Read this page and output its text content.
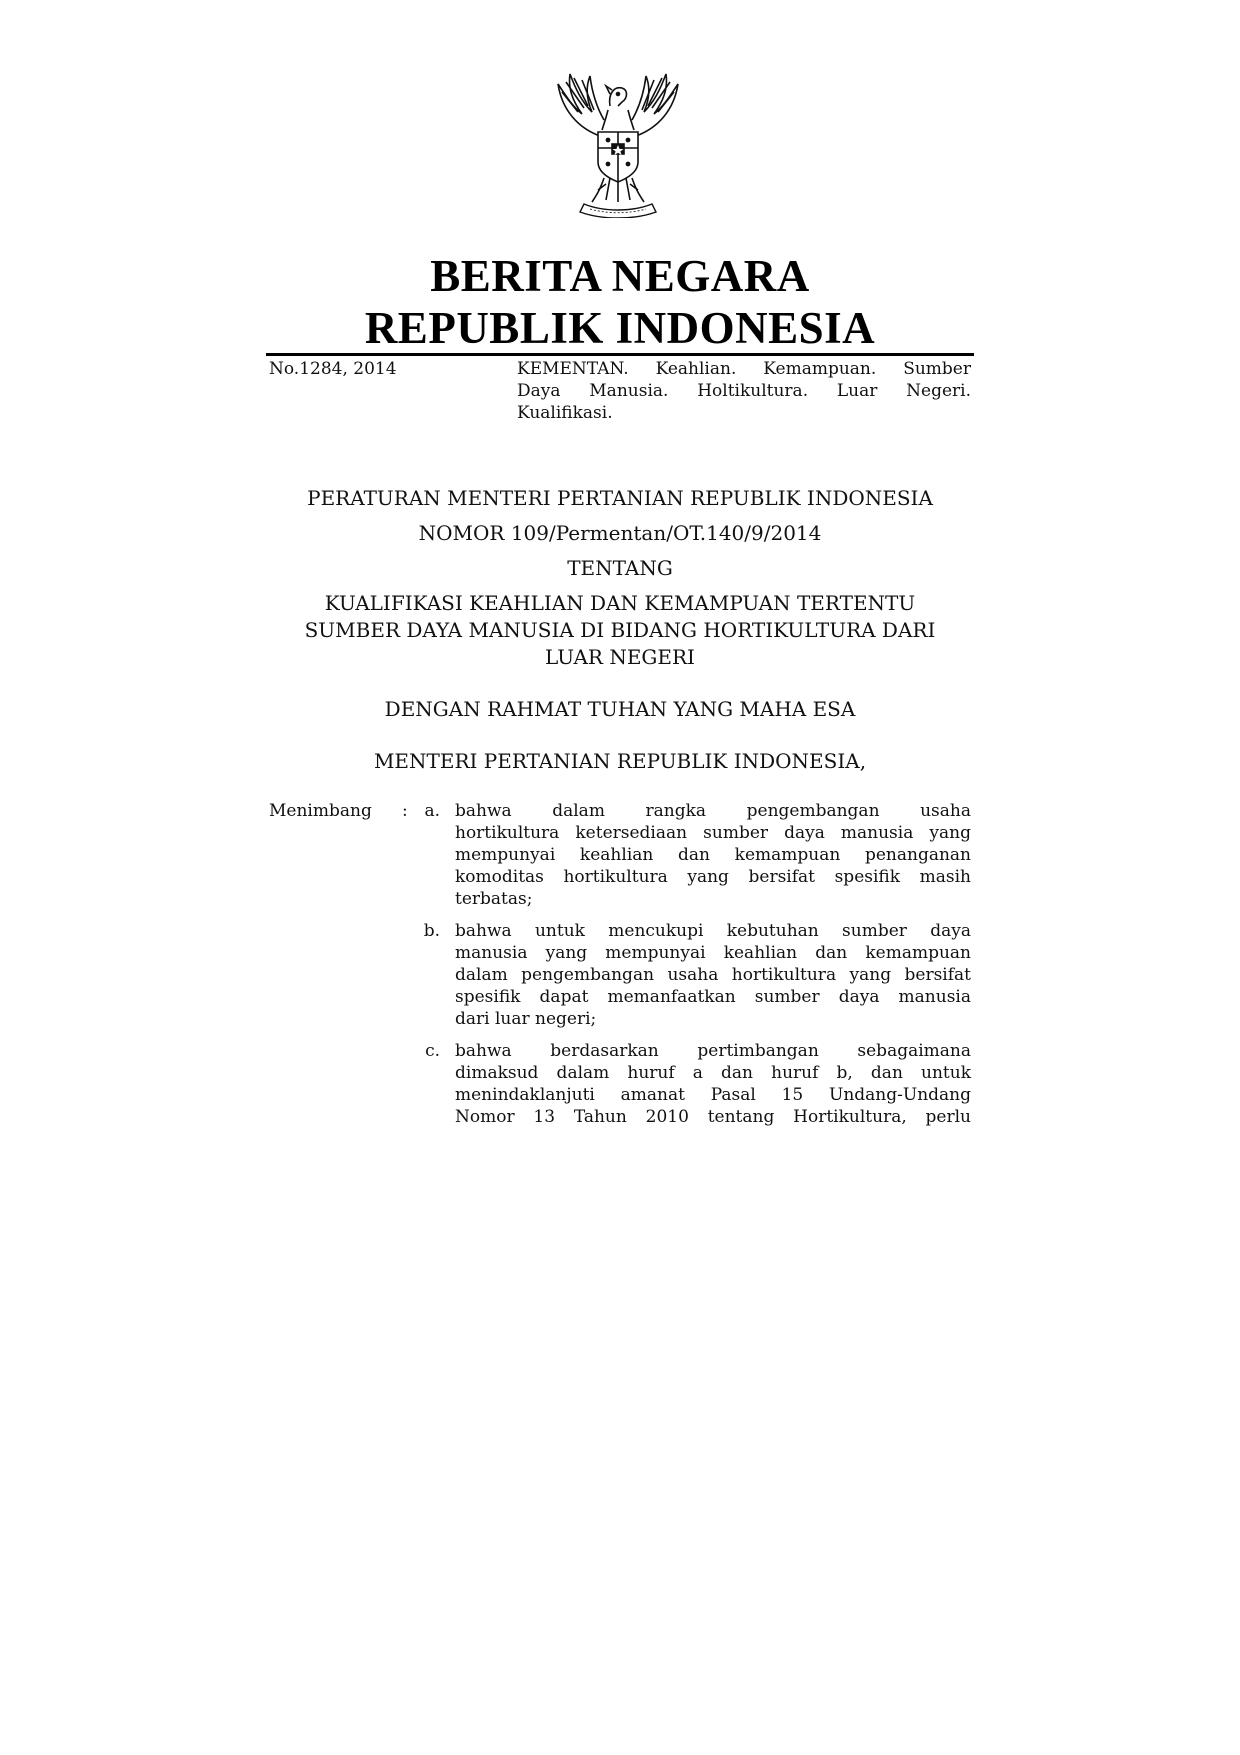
BERITA NEGARA
REPUBLIK INDONESIA
No.1284, 2014	KEMENTAN. Keahlian. Kemampuan. Sumber
Daya Manusia. Holtikultura. Luar Negeri.
Kualifikasi.
PERATURAN MENTERI PERTANIAN REPUBLIK INDONESIA
NOMOR 109/Permentan/OT.140/9/2014
TENTANG
KUALIFIKASI KEAHLIAN DAN KEMAMPUAN TERTENTU
SUMBER DAYA MANUSIA DI BIDANG HORTIKULTURA DARI
LUAR NEGERI
DENGAN RAHMAT TUHAN YANG MAHA ESA
MENTERI PERTANIAN REPUBLIK INDONESIA,
Menimbang : a. bahwa dalam rangka pengembangan usaha
hortikultura ketersediaan sumber daya manusia yang
mempunyai keahlian dan kemampuan penanganan
komoditas hortikultura yang bersifat spesifik masih
terbatas;
b. bahwa untuk mencukupi kebutuhan sumber daya
manusia yang mempunyai keahlian dan kemampuan
dalam pengembangan usaha hortikultura yang bersifat
spesifik dapat memanfaatkan sumber daya manusia
dari luar negeri;
c. bahwa berdasarkan pertimbangan sebagaimana
dimaksud dalam huruf a dan huruf b, dan untuk
menindaklanjuti amanat Pasal 15 Undang-Undang
Nomor 13 Tahun 2010 tentang Hortikultura, perlu
